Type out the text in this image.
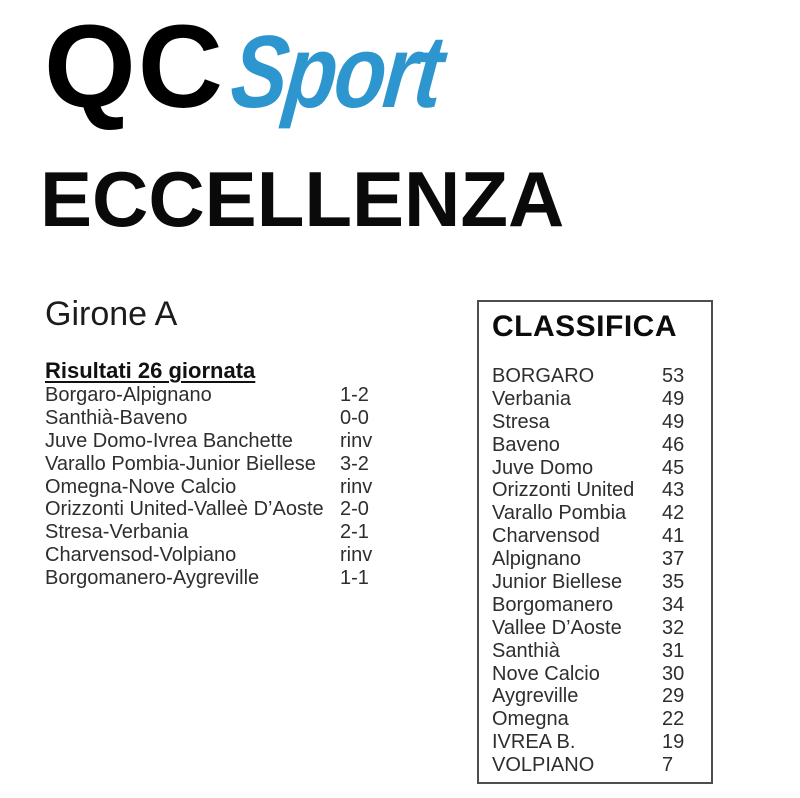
QC Sport
ECCELLENZA
Girone A
Risultati 26 giornata
Borgaro-Alpignano	1-2
Santhià-Baveno	0-0
Juve Domo-Ivrea Banchette	rinv
Varallo Pombia-Junior Biellese	3-2
Omegna-Nove Calcio	rinv
Orizzonti United-Valleè D’Aoste 2-0
Stresa-Verbania	2-1
Charvensod-Volpiano	rinv
Borgomanero-Aygreville	1-1
CLASSIFICA
BORGARO	53
Verbania	49
Stresa	49
Baveno	46
Juve Domo	45
Orizzonti United	43
Varallo Pombia	42
Charvensod	41
Alpignano	37
Junior Biellese	35
Borgomanero	34
Vallee D’Aoste	32
Santhià	31
Nove Calcio	30
Aygreville	29
Omegna	22
IVREA B.	19
VOLPIANO	7
